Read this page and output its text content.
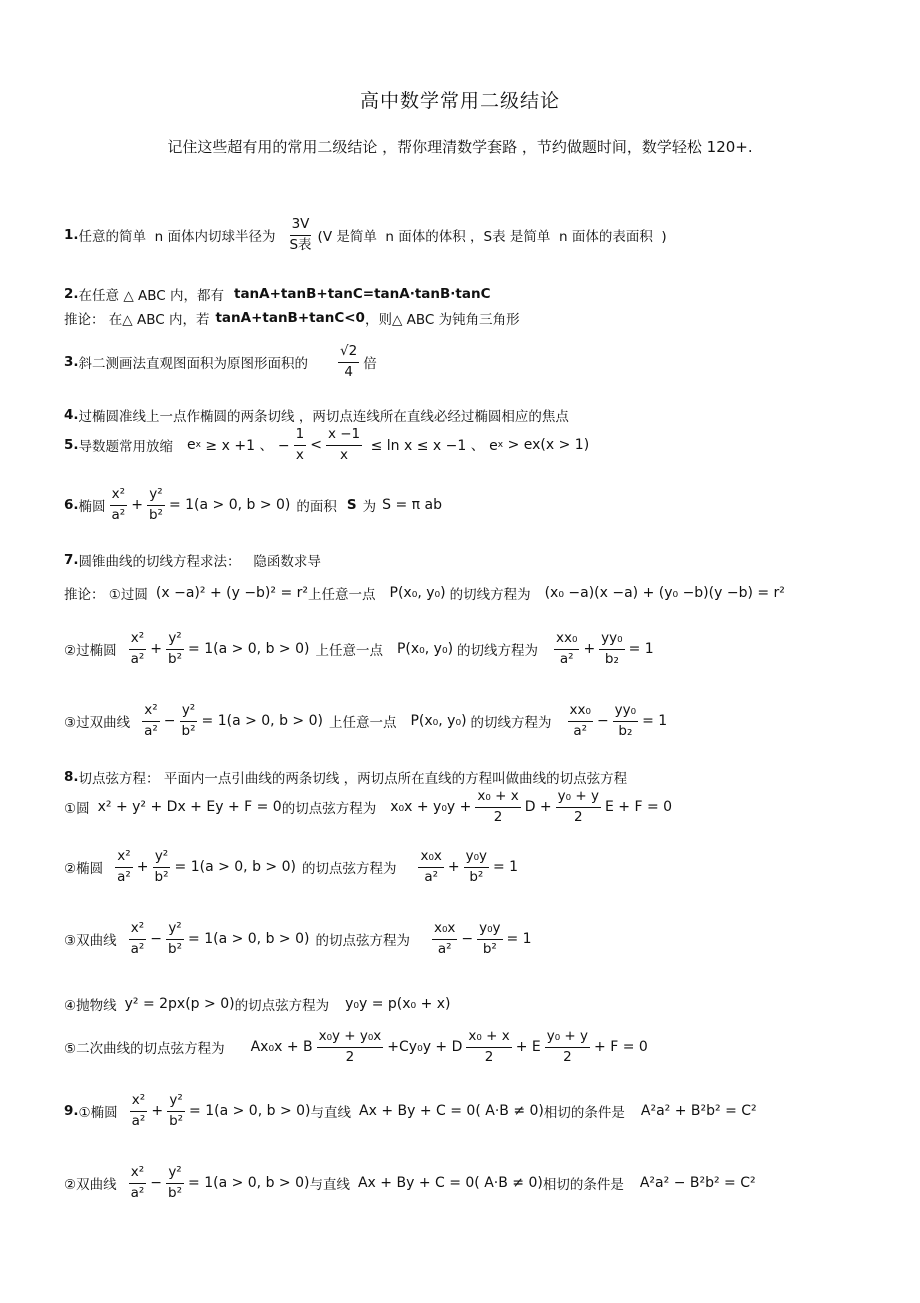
高中数学常用二级结论
记住这些超有用的常用二级结论 ，帮你理清数学套路 ，节约做题时间，数学轻松 120+.
1. 任意的简单  n 面体内切球半径为 $\frac{3V}{\text{S表}} (V$ 是简单  n 面体的体积 ，S表 是简单  n 面体的表面积  )
2. 在任意 △ ABC 内，都有 tanA+tanB+tanC=tanA·tanB·tanC
推论： 在△ ABC 内，若 tanA+tanB+tanC<0 ，则△ ABC 为钝角三角形
3. 斜二测画法直观图面积为原图形面积的 $\frac{√2}{4}$ 倍
4. 过椭圆准线上一点作椭圆的两条切线 ，两切点连线所在直线必经过椭圆相应的焦点
5. 导数题常用放缩 e x ≥ x +1 、 − $\frac{1}{x} < \frac{x -1}{x} \le \ln x \le x -1$ 、 e x > ex(x > 1)
6. 椭圆 $\frac{\text{x²}}{\text{a²}} + \frac{\text{y²}}{\text{b²}} = 1(a > 0$, b > 0) 的面积 S 为 S = π ab
7. 圆锥曲线的切线方程求法：   隐函数求导
推论： ①过圆 (x −a)² + (y −b)² = r² 上任意一点 P(x₀, y₀) 的切线方程为 (x₀ −a)(x −a) + (y₀ −b)(y −b) = r²
②过椭圆 $\frac{\text{x²}}{\text{a²}} + \frac{\text{y²}}{\text{b²}} = 1(a > 0$, b > 0) 上任意一点 P(x₀, y₀) 的切线方程为 $\frac{\text{xx₀}}{\text{a²}} + \frac{\text{yy₀}}{\text{b₂}} = 1$
③过双曲线 $\frac{\text{x²}}{\text{a²}} - \frac{\text{y²}}{\text{b²}} = 1(a > 0$, b > 0) 上任意一点 P(x₀, y₀) 的切线方程为 $\frac{\text{xx₀}}{\text{a²}} - \frac{\text{yy₀}}{\text{b₂}} = 1$
8. 切点弦方程： 平面内一点引曲线的两条切线 ，两切点所在直线的方程叫做曲线的切点弦方程
①圆 x² + y² + Dx + Ey + F = 0 的切点弦方程为 $x_0x + y_0y + \frac{\text{x₀ + x}}{2}$ $D + \frac{\text{y₀ + y}}{2}$ E + F = 0
②椭圆 $\frac{\text{x²}}{\text{a²}} + \frac{\text{y²}}{\text{b²}} = 1(a > 0$, b > 0) 的切点弦方程为 $\frac{\text{x₀x}}{\text{a²}} + \frac{\text{y₀y}}{\text{b²}} = 1$
③双曲线 $\frac{\text{x²}}{\text{a²}} - \frac{\text{y²}}{\text{b²}} = 1(a > 0$, b > 0) 的切点弦方程为 $\frac{\text{x₀x}}{\text{a²}} - \frac{\text{y₀y}}{\text{b²}} = 1$
④抛物线 y² = 2px(p > 0) 的切点弦方程为 y₀y = p(x₀ + x)
⑤二次曲线的切点弦方程为 Ax₀x + B $\frac{\text{x₀y + y₀x}}{2} +Cy_0y + D \frac{\text{x₀ + x}}{2} + E \frac{\text{y₀ + y}}{2} + F = 0$
9. ①椭圆 $\frac{\text{x²}}{\text{a²}} + \frac{\text{y²}}{\text{b²}} = 1(a > 0$, b > 0) 与直线 Ax + By + C = 0( A·B ≠ 0) 相切的条件是 A²a² + B²b² = C²
②双曲线 $\frac{\text{x²}}{\text{a²}} - \frac{\text{y²}}{\text{b²}} = 1(a > 0$, b > 0) 与直线 Ax + By + C = 0( A·B ≠ 0) 相切的条件是 A²a² − B²b² = C²
